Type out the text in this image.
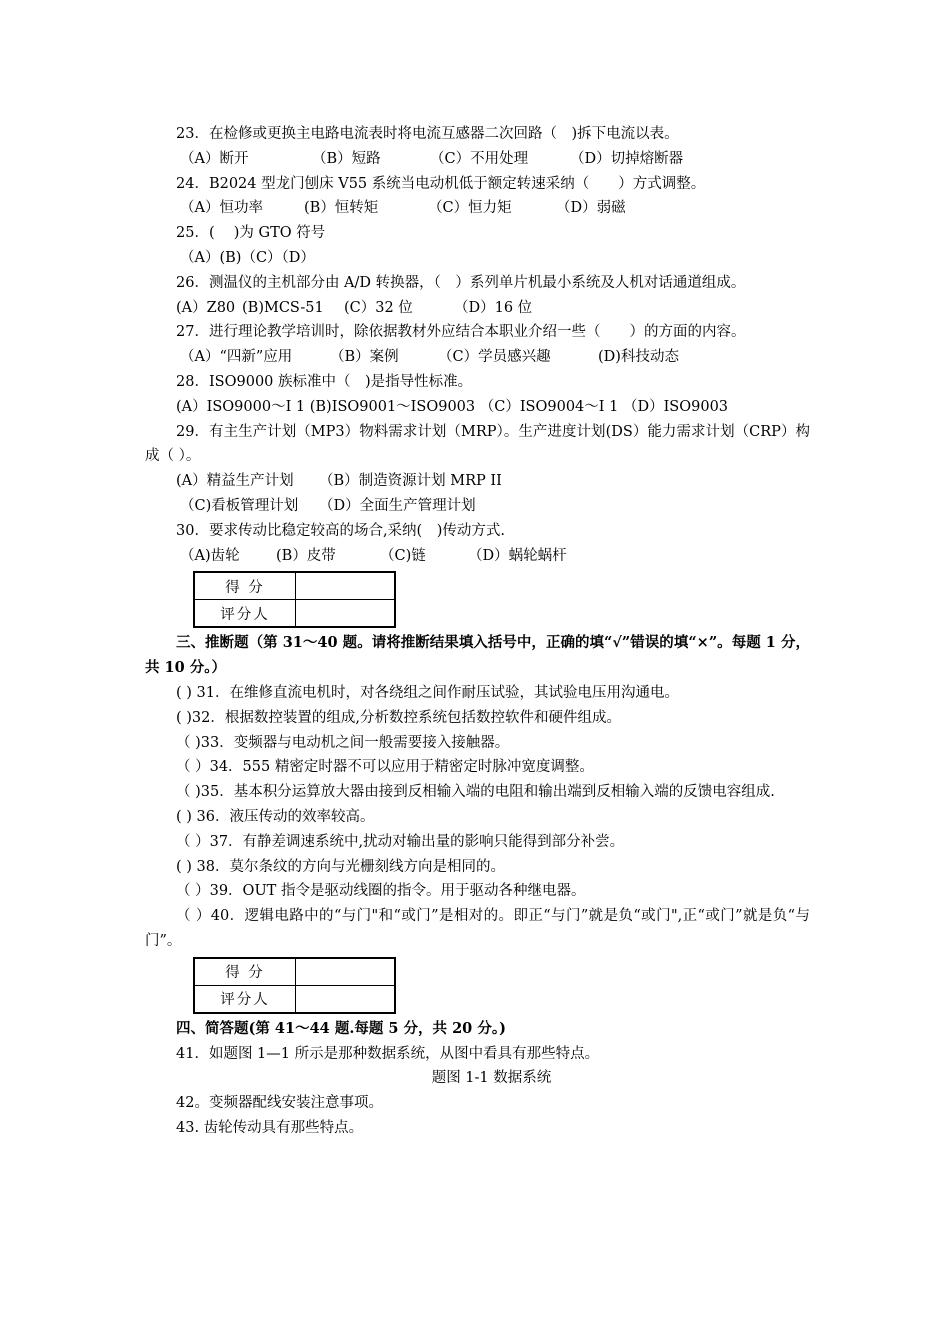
23．在检修或更换主电路电流表时将电流互感器二次回路（　)拆下电流以表。
（A）断开	（B）短路	（C）不用处理	（D）切掉熔断器
24．B2024 型龙门刨床 V55 系统当电动机低于额定转速采纳（　　）方式调整。
（A）恒功率	(B）恒转矩	（C）恒力矩	（D）弱磁
25．(　 )为 GTO 符号
（A）(B)（C）（D）
26．测温仪的主机部分由 A/D 转换器，（　）系列单片机最小系统及人机对话通道组成。
(A）Z80 (B)MCS-51 (C）32 位	（D）16 位
27．进行理论教学培训时，除依据教材外应结合本职业介绍一些（　　）的方面的内容。
（A）“四新”应用	（B）案例	（C）学员感兴趣	(D)科技动态
28．ISO9000 族标准中（　)是指导性标准。
(A）ISO9000～I 1 (B)ISO9001～ISO9003 （C）ISO9004～I 1 （D）ISO9003
29．有主生产计划（MP3）物料需求计划（MRP）。生产进度计划(DS）能力需求计划（CRP）构成（ ）。
(A）精益生产计划 （B）制造资源计划 MRP II
（C)看板管理计划 （D）全面生产管理计划
30．要求传动比稳定较高的场合,采纳(　)传动方式.
（A)齿轮	(B）皮带	（C)链	（D）蜗轮蜗杆
得 分	
评分人	
三、推断题（第 31～40 题。请将推断结果填入括号中，正确的填“√”错误的填“×”。每题 1 分，共 10 分。）
( ) 31．在维修直流电机时，对各绕组之间作耐压试验，其试验电压用沟通电。
( )32．根据数控装置的组成,分析数控系统包括数控软件和硬件组成。
（ )33．变频器与电动机之间一般需要接入接触器。
（ ）34．555 精密定时器不可以应用于精密定时脉冲宽度调整。
（ )35．基本积分运算放大器由接到反相输入端的电阻和输出端到反相输入端的反馈电容组成.
( ) 36．液压传动的效率较高。
（ ）37．有静差调速系统中,扰动对输出量的影响只能得到部分补尝。
( ) 38．莫尔条纹的方向与光栅刻线方向是相同的。
（ ）39．OUT 指令是驱动线圈的指令。用于驱动各种继电器。
（ ）40．逻辑电路中的“与门"和“或门”是相对的。即正“与门”就是负“或门",正“或门”就是负“与门”。
得 分	
评分人	
四、简答题(第 41～44 题.每题 5 分，共 20 分。)
41．如题图 1—1 所示是那种数据系统，从图中看具有那些特点。
题图 1-1 数据系统
42。变频器配线安装注意事项。
43. 齿轮传动具有那些特点。
